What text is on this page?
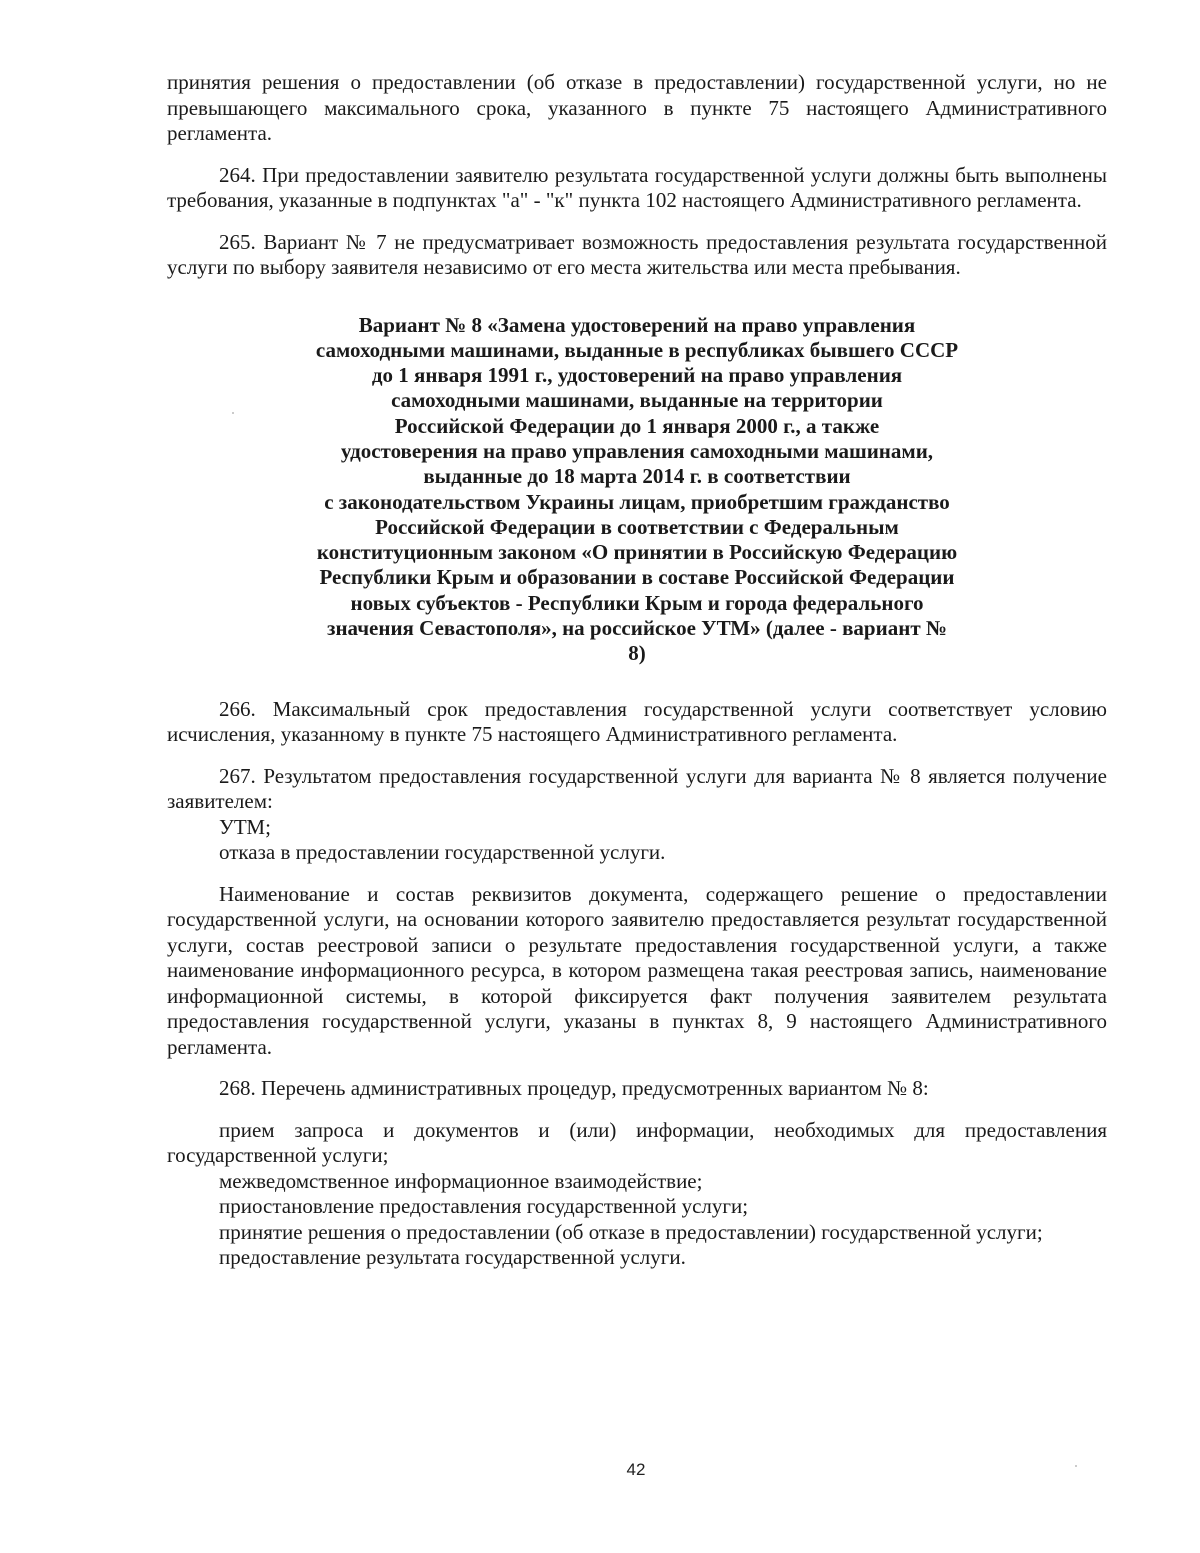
принятия решения о предоставлении (об отказе в предоставлении) государственной услуги, но не превышающего максимального срока, указанного в пункте 75 настоящего Административного регламента.

264. При предоставлении заявителю результата государственной услуги должны быть выполнены требования, указанные в подпунктах "а" - "к" пункта 102 настоящего Административного регламента.

265. Вариант № 7 не предусматривает возможность предоставления результата государственной услуги по выбору заявителя независимо от его места жительства или места пребывания.

Вариант № 8 «Замена удостоверений на право управления
самоходными машинами, выданные в республиках бывшего СССР
до 1 января 1991 г., удостоверений на право управления
самоходными машинами, выданные на территории
Российской Федерации до 1 января 2000 г., а также
удостоверения на право управления самоходными машинами,
выданные до 18 марта 2014 г. в соответствии
с законодательством Украины лицам, приобретшим гражданство
Российской Федерации в соответствии с Федеральным
конституционным законом «О принятии в Российскую Федерацию
Республики Крым и образовании в составе Российской Федерации
новых субъектов - Республики Крым и города федерального
значения Севастополя», на российское УТМ» (далее - вариант №
8)

266. Максимальный срок предоставления государственной услуги соответствует условию исчисления, указанному в пункте 75 настоящего Административного регламента.

267. Результатом предоставления государственной услуги для варианта № 8 является получение заявителем:

УТМ;

отказа в предоставлении государственной услуги.

Наименование и состав реквизитов документа, содержащего решение о предоставлении государственной услуги, на основании которого заявителю предоставляется результат государственной услуги, состав реестровой записи о результате предоставления государственной услуги, а также наименование информационного ресурса, в котором размещена такая реестровая запись, наименование информационной системы, в которой фиксируется факт получения заявителем результата предоставления государственной услуги, указаны в пунктах 8, 9 настоящего Административного регламента.

268. Перечень административных процедур, предусмотренных вариантом № 8:

прием запроса и документов и (или) информации, необходимых для предоставления государственной услуги;

межведомственное информационное взаимодействие;

приостановление предоставления государственной услуги;

принятие решения о предоставлении (об отказе в предоставлении) государственной услуги;

предоставление результата государственной услуги.

42
